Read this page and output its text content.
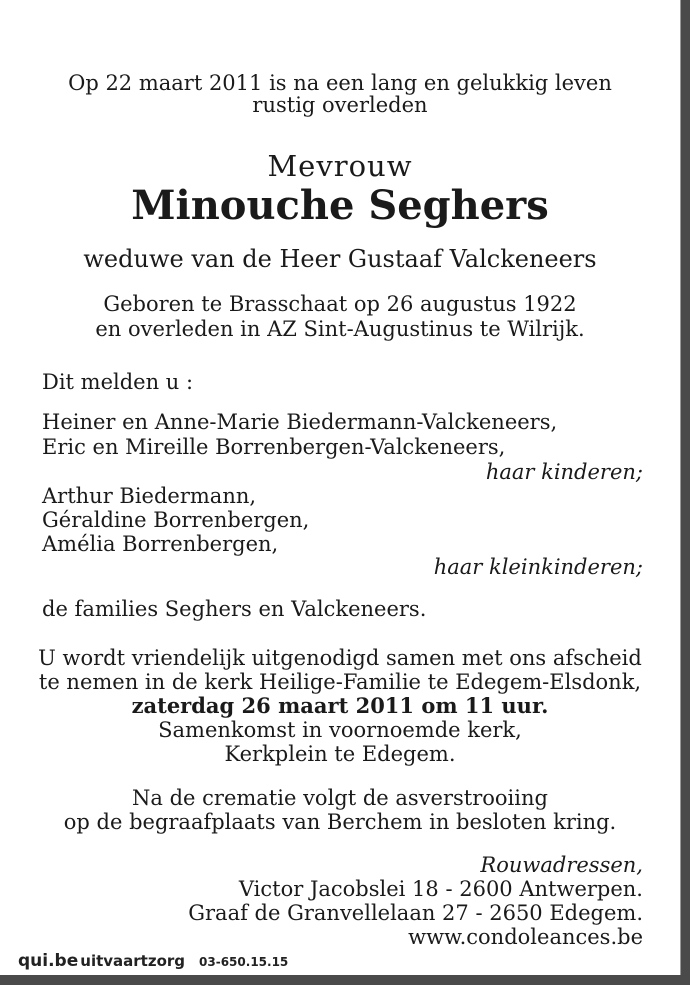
Op 22 maart 2011 is na een lang en gelukkig leven
rustig overleden
Mevrouw
Minouche Seghers
weduwe van de Heer Gustaaf Valckeneers
Geboren te Brasschaat op 26 augustus 1922
en overleden in AZ Sint-Augustinus te Wilrijk.
Dit melden u :
Heiner en Anne-Marie Biedermann-Valckeneers,
Eric en Mireille Borrenbergen-Valckeneers,
haar kinderen;
Arthur Biedermann,
Géraldine Borrenbergen,
Amélia Borrenbergen,
haar kleinkinderen;
de families Seghers en Valckeneers.
U wordt vriendelijk uitgenodigd samen met ons afscheid
te nemen in de kerk Heilige-Familie te Edegem-Elsdonk,
zaterdag 26 maart 2011 om 11 uur.
Samenkomst in voornoemde kerk,
Kerkplein te Edegem.
Na de crematie volgt de asverstrooiing
op de begraafplaats van Berchem in besloten kring.
Rouwadressen,
Victor Jacobslei 18 - 2600 Antwerpen.
Graaf de Granvellelaan 27 - 2650 Edegem.
www.condoleances.be
qui.be uitvaartzorg 03-650.15.15
